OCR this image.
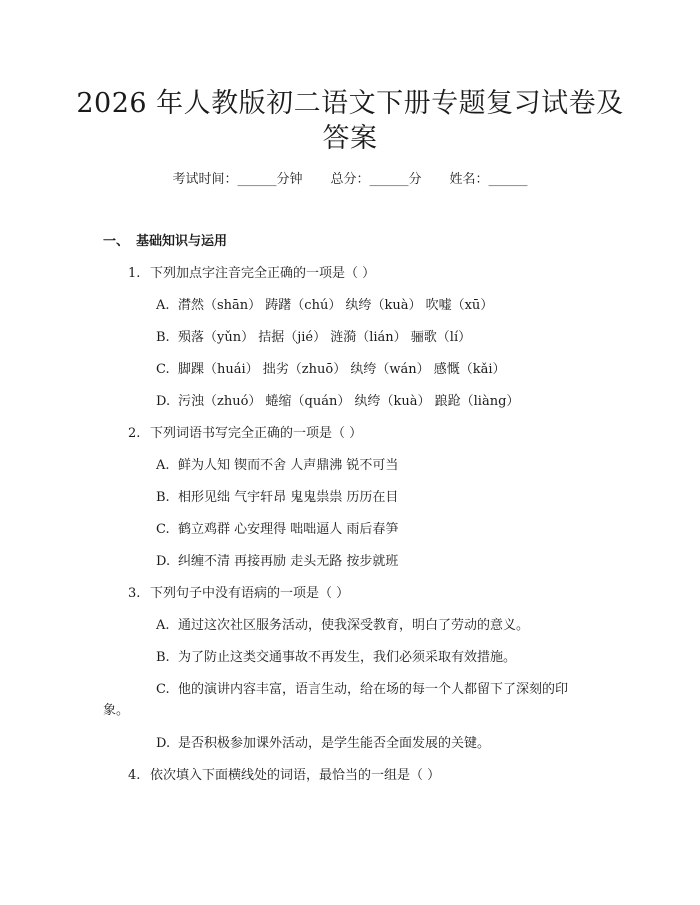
2026 年人教版初二语文下册专题复习试卷及
答案
考试时间：______分钟 总分：______分 姓名：______
一、 基础知识与运用
1. 下列加点字注音完全正确的一项是（ ）
A. 潸然（shān） 踌躇（chú） 纨绔（kuà） 吹嘘（xū）
B. 殒落（yǔn） 拮据（jié） 涟漪（lián） 骊歌（lí）
C. 脚踝（huái） 拙劣（zhuō） 纨绔（wán） 感慨（kǎi）
D. 污浊（zhuó） 蜷缩（quán） 纨绔（kuà） 踉跄（liàng）
2. 下列词语书写完全正确的一项是（ ）
A. 鲜为人知 锲而不舍 人声鼎沸 锐不可当
B. 相形见绌 气宇轩昂 鬼鬼祟祟 历历在目
C. 鹤立鸡群 心安理得 咄咄逼人 雨后春笋
D. 纠缠不清 再接再励 走头无路 按步就班
3. 下列句子中没有语病的一项是（ ）
A. 通过这次社区服务活动，使我深受教育，明白了劳动的意义。
B. 为了防止这类交通事故不再发生，我们必须采取有效措施。
C. 他的演讲内容丰富，语言生动，给在场的每一个人都留下了深刻的印
象。
D. 是否积极参加课外活动，是学生能否全面发展的关键。
4. 依次填入下面横线处的词语，最恰当的一组是（ ）
